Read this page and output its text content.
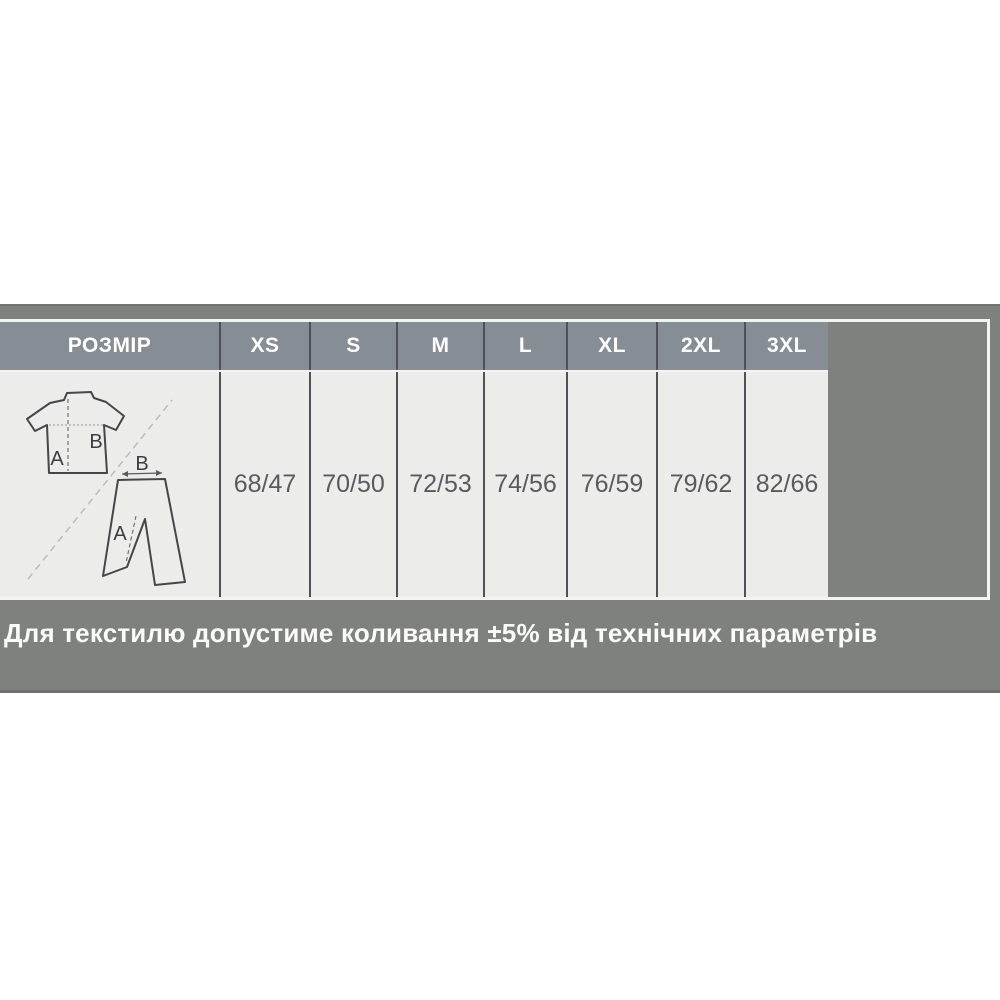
РОЗМІР	XS	S	M	L	XL	2XL	3XL
A
B
B
A
68/47	70/50 72/53 74/56 76/59	79/62 82/66
Для текстилю допустиме коливання ±5% від технічних параметрів
